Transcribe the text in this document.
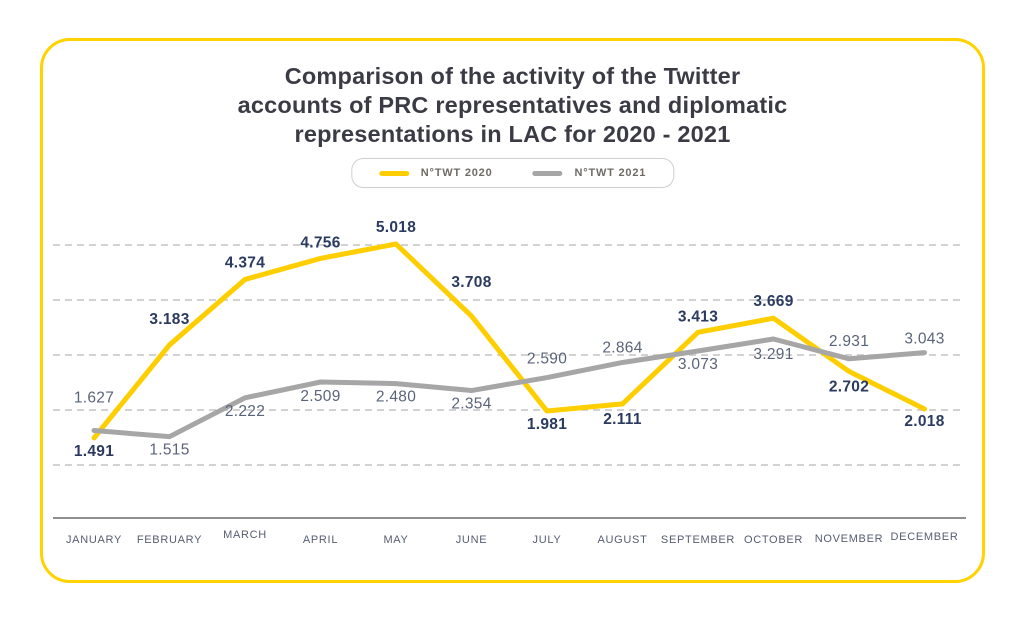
Comparison of the activity of the Twitter
accounts of PRC representatives and diplomatic
representations in LAC for 2020 - 2021
N°TWT 2020	N°TWT 2021
1.491
3.183
4.374
4.756
5.018
3.708
1.981 2.111
3.413
3.669
2.702
2.018
1.627
1.515
2.222
2.509 2.480 2.354
2.590
2.864
3.073
3.291
2.931 3.043
JANUARY FEBRUARY MARCH	APRIL	MAY	JUNE	JULY	AUGUST SEPTEMBER OCTOBER NOVEMBER DECEMBER
